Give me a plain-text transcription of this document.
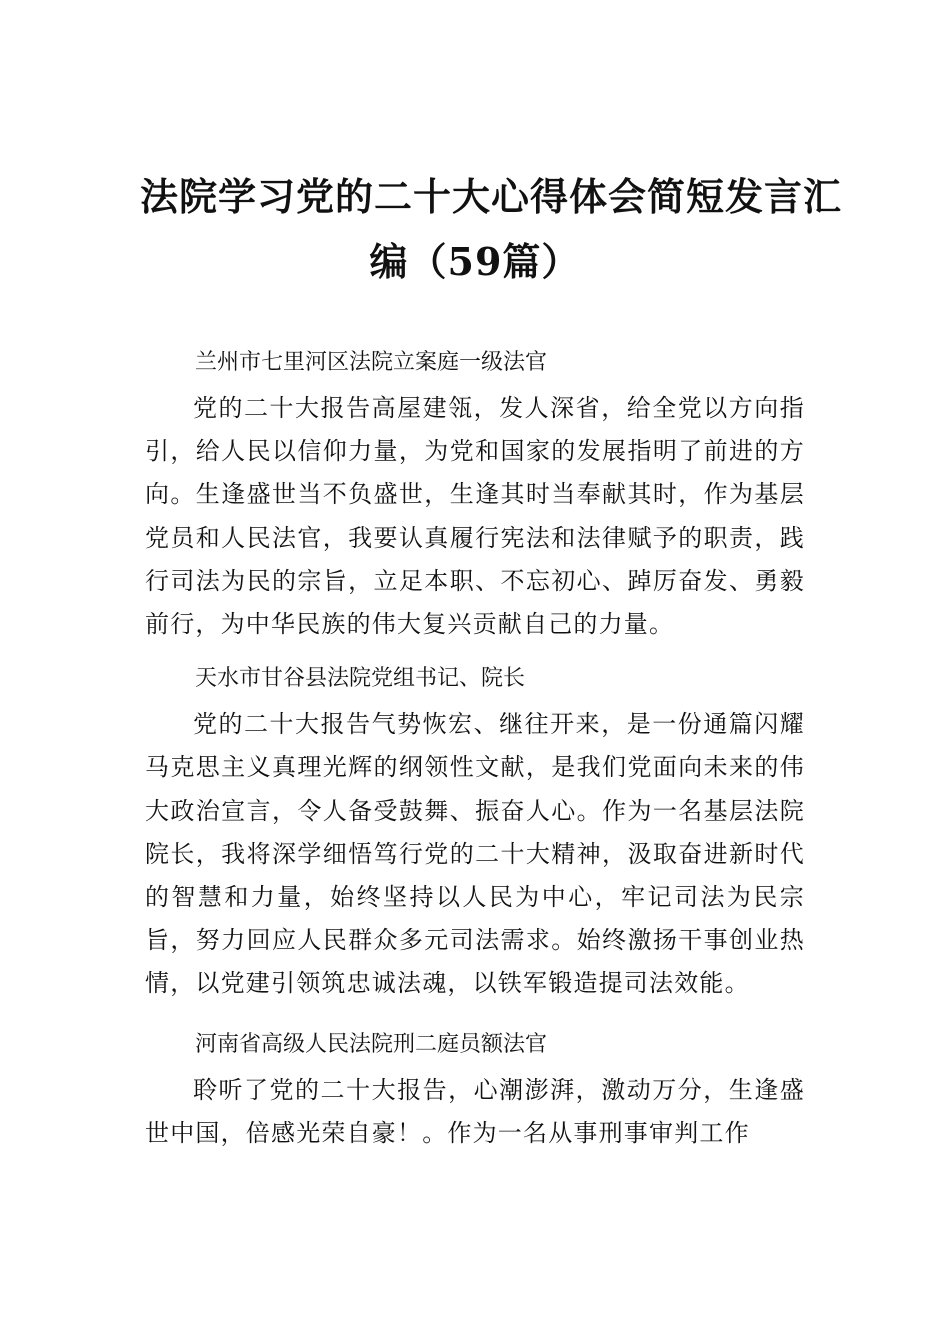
法院学习党的二十大心得体会简短发言汇
编（59篇）
兰州市七里河区法院立案庭一级法官
党的二十大报告高屋建瓴，发人深省，给全党以方向指引，给人民以信仰力量，为党和国家的发展指明了前进的方向。生逢盛世当不负盛世，生逢其时当奉献其时，作为基层党员和人民法官，我要认真履行宪法和法律赋予的职责，践行司法为民的宗旨，立足本职、不忘初心、踔厉奋发、勇毅前行，为中华民族的伟大复兴贡献自己的力量。
天水市甘谷县法院党组书记、院长
党的二十大报告气势恢宏、继往开来，是一份通篇闪耀马克思主义真理光辉的纲领性文献，是我们党面向未来的伟大政治宣言，令人备受鼓舞、振奋人心。作为一名基层法院院长，我将深学细悟笃行党的二十大精神，汲取奋进新时代的智慧和力量，始终坚持以人民为中心，牢记司法为民宗旨，努力回应人民群众多元司法需求。始终激扬干事创业热情，以党建引领筑忠诚法魂，以铁军锻造提司法效能。
河南省高级人民法院刑二庭员额法官
聆听了党的二十大报告，心潮澎湃，激动万分，生逢盛世中国，倍感光荣自豪！。作为一名从事刑事审判工作
